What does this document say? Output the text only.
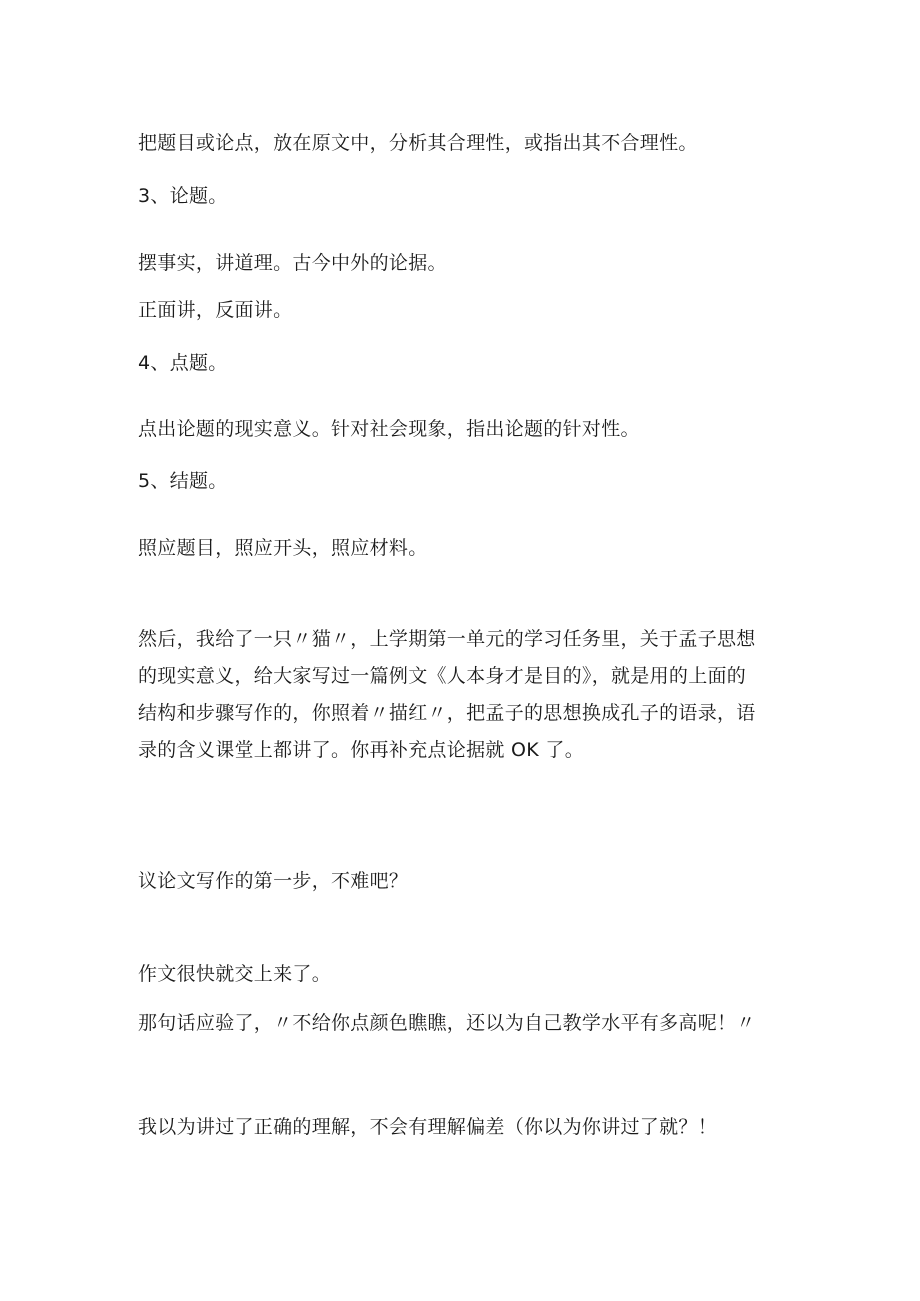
把题目或论点，放在原文中，分析其合理性，或指出其不合理性。
3、论题。
摆事实，讲道理。古今中外的论据。
正面讲，反面讲。
4、点题。
点出论题的现实意义。针对社会现象，指出论题的针对性。
5、结题。
照应题目，照应开头，照应材料。
然后，我给了一只〃猫〃，上学期第一单元的学习任务里，关于孟子思想
的现实意义，给大家写过一篇例文《人本身才是目的》，就是用的上面的
结构和步骤写作的，你照着〃描红〃，把孟子的思想换成孔子的语录，语
录的含义课堂上都讲了。你再补充点论据就 OK 了。
议论文写作的第一步，不难吧？
作文很快就交上来了。
那句话应验了，〃不给你点颜色瞧瞧，还以为自己教学水平有多高呢！〃
我以为讲过了正确的理解，不会有理解偏差（你以为你讲过了就？！
